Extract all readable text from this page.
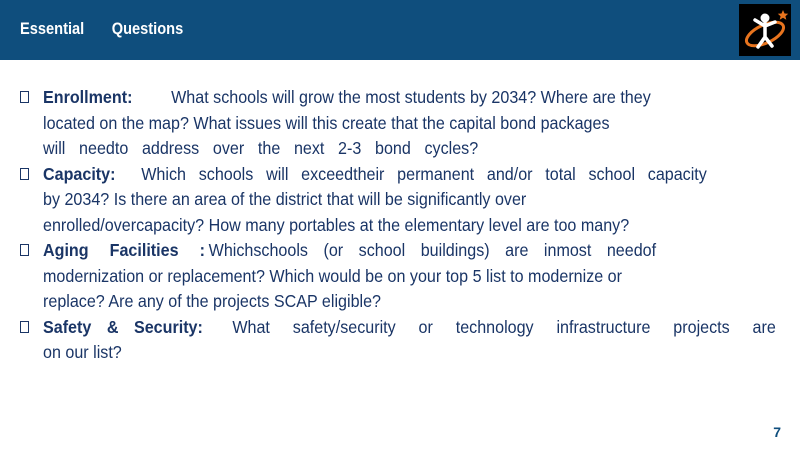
Essential Questions
Enrollment: What schools will grow the most students by 2034? Where are they
located on the map? What issues will this create that the capital bond packages
will needto address over the next 2-3 bond cycles?
Capacity: Which schools will exceedtheir permanent and/or total school capacity
by 2034? Is there an area of the district that will be significantly over
enrolled/overcapacity? How many portables at the elementary level are too many?
Aging Facilities : Whichschools (or school buildings) are inmost needof
modernization or replacement? Which would be on your top 5 list to modernize or
replace? Are any of the projects SCAP eligible?
Safety & Security: What safety/security or technology infrastructure projects are
on our list?
7
